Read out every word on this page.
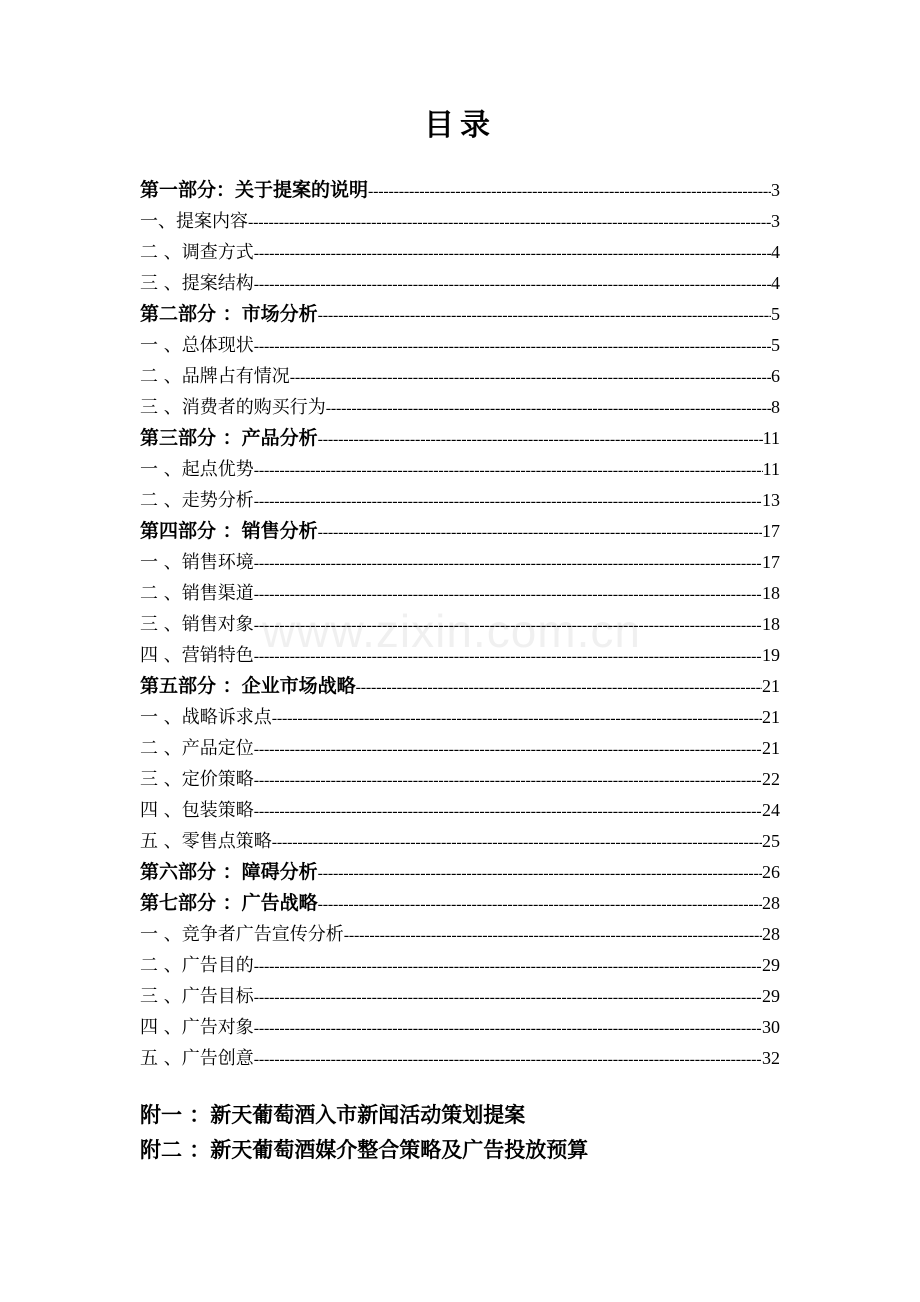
目录
www.zixin.com.cn
第一部分：关于提案的说明 -----	3
一、提案内容 -----	3
二 、调查方式 -----	4
三 、提案结构 -----	4
第二部分 ：市场分析 -----	5
一 、总体现状 -----	5
二 、品牌占有情况 -----	6
三 、消费者的购买行为 -----	8
第三部分 ：产品分析 -----	11
一 、起点优势 -----	11
二 、走势分析 -----	13
第四部分 ：销售分析 -----	17
一 、销售环境 -----	17
二 、销售渠道 -----	18
三 、销售对象 -----	18
四 、营销特色 -----	19
第五部分 ：企业市场战略 -----	21
一 、战略诉求点 -----	21
二 、产品定位 -----	21
三 、定价策略 -----	22
四 、包装策略 -----	24
五 、零售点策略 -----	25
第六部分 ：障碍分析 -----	26
第七部分 ：广告战略 -----	28
一 、竞争者广告宣传分析 -----	28
二 、广告目的 -----	29
三 、广告目标 -----	29
四 、广告对象 -----	30
五 、广告创意 -----	32
附一 ：新天葡萄酒入市新闻活动策划提案
附二 ：新天葡萄酒媒介整合策略及广告投放预算
